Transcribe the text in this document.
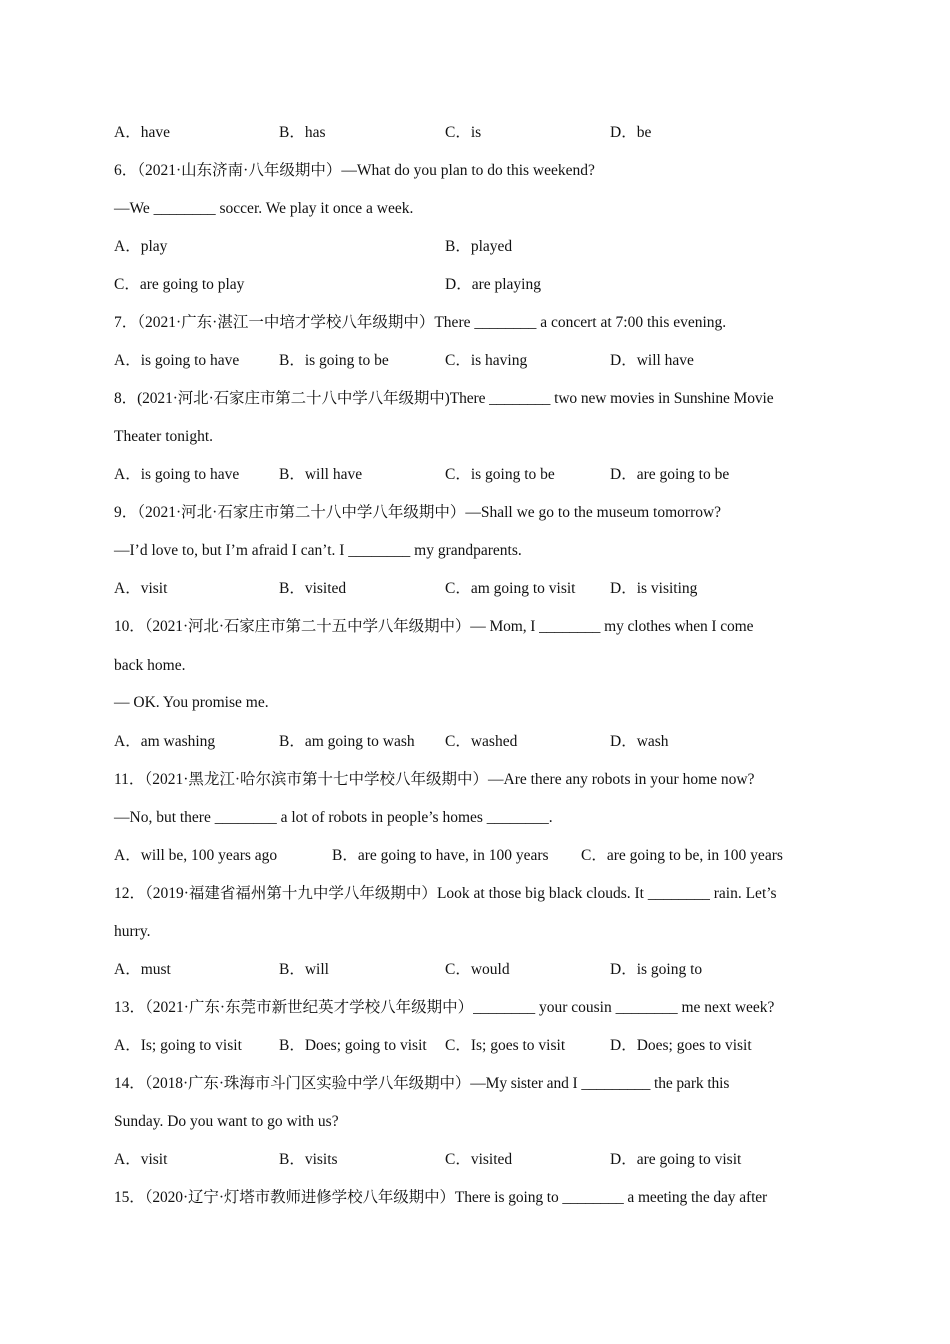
A．have	B．has	C．is	D．be
6．（2021·山东济南·八年级期中）—What do you plan to do this weekend?
—We ________ soccer. We play it once a week.
A．play	B．played
C．are going to play	D．are playing
7．（2021·广东·湛江一中培才学校八年级期中）There ________ a concert at 7:00 this evening.
A．is going to have	B．is going to be	C．is having	D．will have
8．(2021·河北·石家庄市第二十八中学八年级期中)There ________ two new movies in Sunshine Movie
Theater tonight.
A．is going to have	B．will have	C．is going to be	D．are going to be
9．（2021·河北·石家庄市第二十八中学八年级期中）—Shall we go to the museum tomorrow?
—I’d love to, but I’m afraid I can’t. I ________ my grandparents.
A．visit	B．visited	C．am going to visit D．is visiting
10．（2021·河北·石家庄市第二十五中学八年级期中）— Mom, I ________ my clothes when I come
back home.
— OK. You promise me.
A．am washing	B．am going to wash C．washed	D．wash
11．（2021·黑龙江·哈尔滨市第十七中学校八年级期中）—Are there any robots in your home now?
—No, but there ________ a lot of robots in people’s homes ________.
A．will be, 100 years ago	B．are going to have, in 100 years C．are going to be, in 100 years
12．（2019·福建省福州第十九中学八年级期中）Look at those big black clouds. It ________ rain. Let’s
hurry.
A．must	B．will	C．would	D．is going to
13．（2021·广东·东莞市新世纪英才学校八年级期中）________ your cousin ________ me next week?
A．Is; going to visit B．Does; going to visit C．Is; goes to visit	D．Does; goes to visit
14．（2018·广东·珠海市斗门区实验中学八年级期中）—My sister and I _________ the park this
Sunday. Do you want to go with us?
A．visit	B．visits	C．visited	D．are going to visit
15．（2020·辽宁·灯塔市教师进修学校八年级期中）There is going to ________ a meeting the day after
